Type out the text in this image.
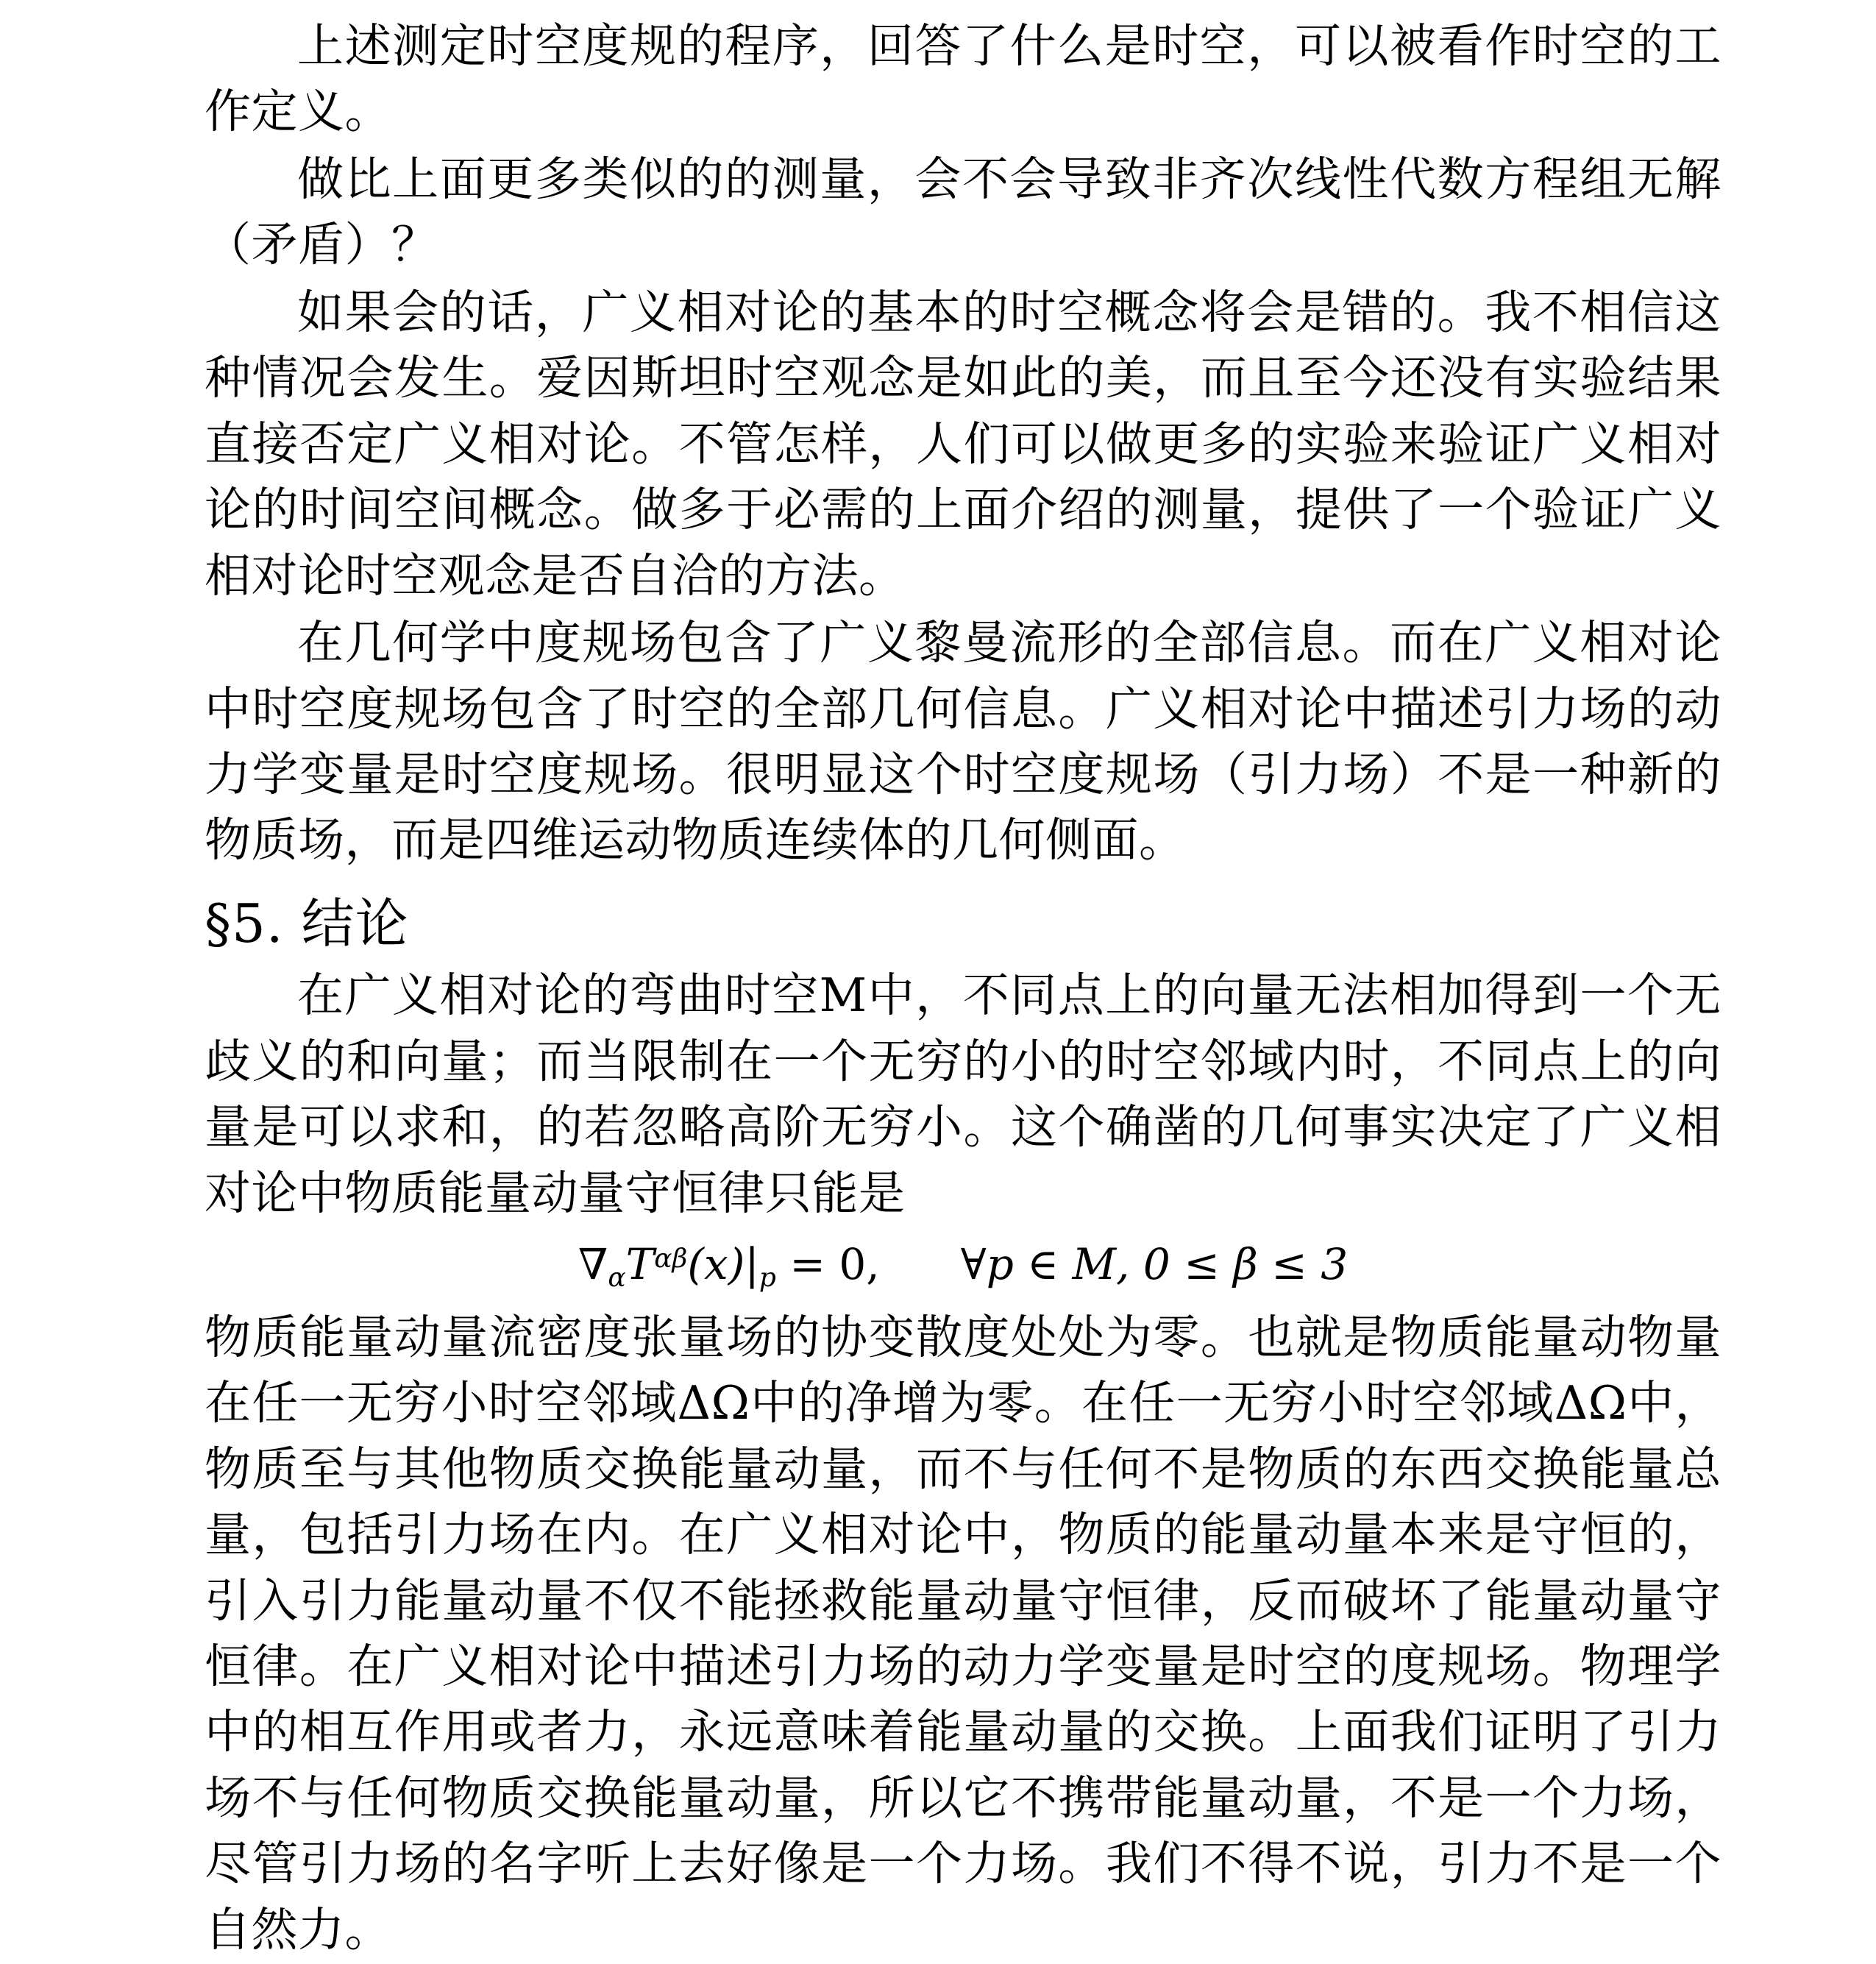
上述测定时空度规的程序，回答了什么是时空，可以被看作时空的工作定义。

做比上面更多类似的的测量，会不会导致非齐次线性代数方程组无解（矛盾）？

如果会的话，广义相对论的基本的时空概念将会是错的。我不相信这种情况会发生。爱因斯坦时空观念是如此的美，而且至今还没有实验结果直接否定广义相对论。不管怎样，人们可以做更多的实验来验证广义相对论的时间空间概念。做多于必需的上面介绍的测量，提供了一个验证广义相对论时空观念是否自洽的方法。

在几何学中度规场包含了广义黎曼流形的全部信息。而在广义相对论中时空度规场包含了时空的全部几何信息。广义相对论中描述引力场的动力学变量是时空度规场。很明显这个时空度规场（引力场）不是一种新的物质场，而是四维运动物质连续体的几何侧面。

§5. 结论

在广义相对论的弯曲时空M中，不同点上的向量无法相加得到一个无歧义的和向量；而当限制在一个无穷的小的时空邻域内时，不同点上的向量是可以求和，的若忽略高阶无穷小。这个确凿的几何事实决定了广义相对论中物质能量动量守恒律只能是

$\nabla_\alpha T^{\alpha\beta}(x)|_p = 0$, ∀p ∈ M, 0 ≤ β ≤ 3

物质能量动量流密度张量场的协变散度处处为零。也就是物质能量动物量在任一无穷小时空邻域ΔΩ中的净增为零。在任一无穷小时空邻域ΔΩ中，物质至与其他物质交换能量动量，而不与任何不是物质的东西交换能量总量，包括引力场在内。在广义相对论中，物质的能量动量本来是守恒的，引入引力能量动量不仅不能拯救能量动量守恒律，反而破坏了能量动量守恒律。在广义相对论中描述引力场的动力学变量是时空的度规场。物理学中的相互作用或者力，永远意味着能量动量的交换。上面我们证明了引力场不与任何物质交换能量动量，所以它不携带能量动量，不是一个力场，尽管引力场的名字听上去好像是一个力场。我们不得不说，引力不是一个自然力。
